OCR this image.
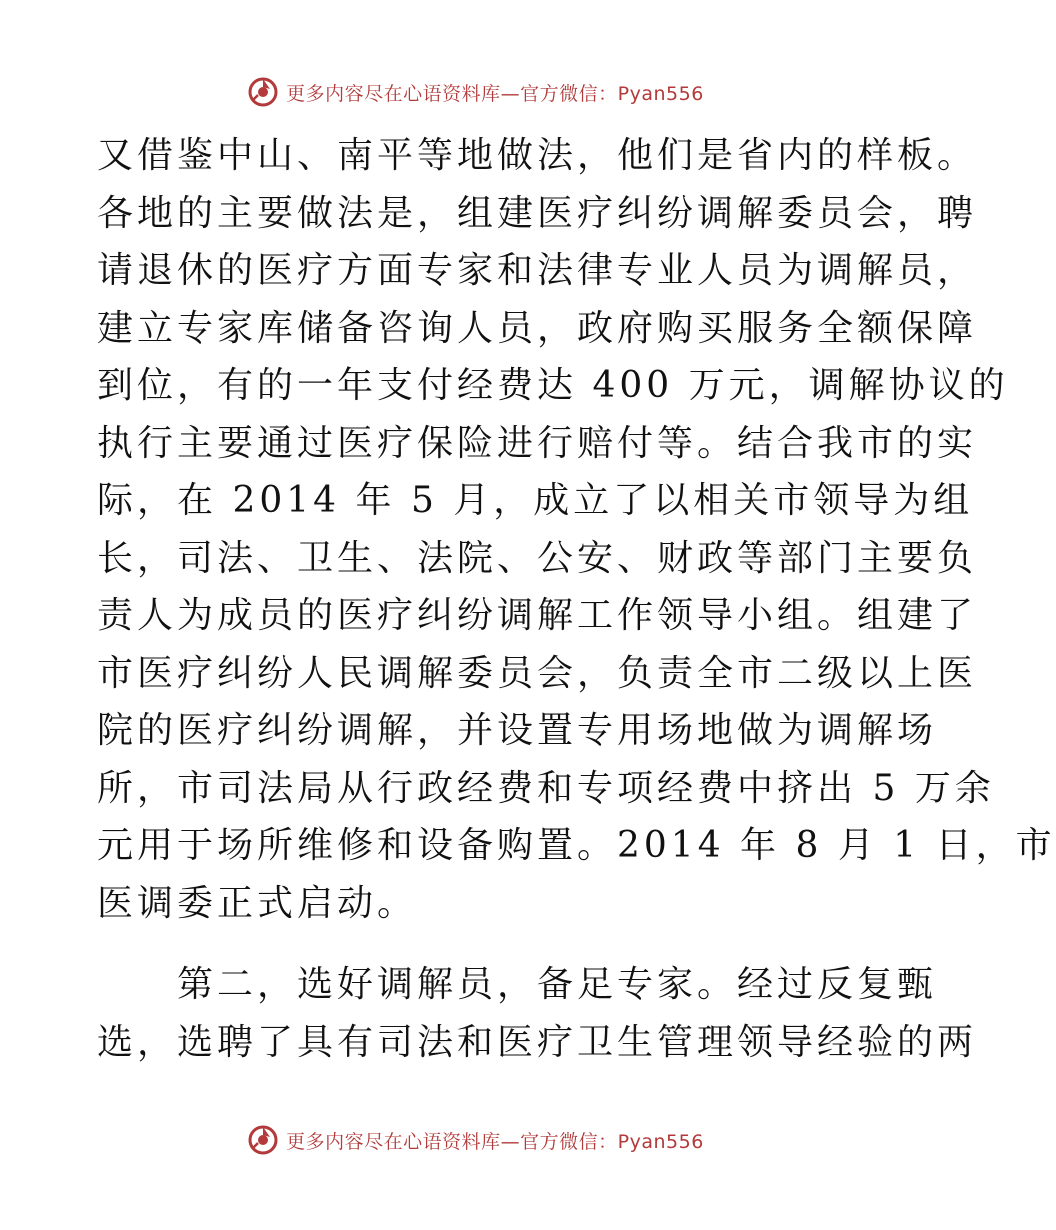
更多内容尽在心语资料库—官方微信：Pyan556
又借鉴中山、南平等地做法，他们是省内的样板。
各地的主要做法是，组建医疗纠纷调解委员会，聘
请退休的医疗方面专家和法律专业人员为调解员，
建立专家库储备咨询人员，政府购买服务全额保障
到位，有的一年支付经费达 400 万元，调解协议的
执行主要通过医疗保险进行赔付等。结合我市的实
际，在 2014 年 5 月，成立了以相关市领导为组
长，司法、卫生、法院、公安、财政等部门主要负
责人为成员的医疗纠纷调解工作领导小组。组建了
市医疗纠纷人民调解委员会，负责全市二级以上医
院的医疗纠纷调解，并设置专用场地做为调解场
所，市司法局从行政经费和专项经费中挤出 5 万余
元用于场所维修和设备购置。2014 年 8 月 1 日，市
医调委正式启动。
第二，选好调解员，备足专家。经过反复甄
选，选聘了具有司法和医疗卫生管理领导经验的两
更多内容尽在心语资料库—官方微信：Pyan556
